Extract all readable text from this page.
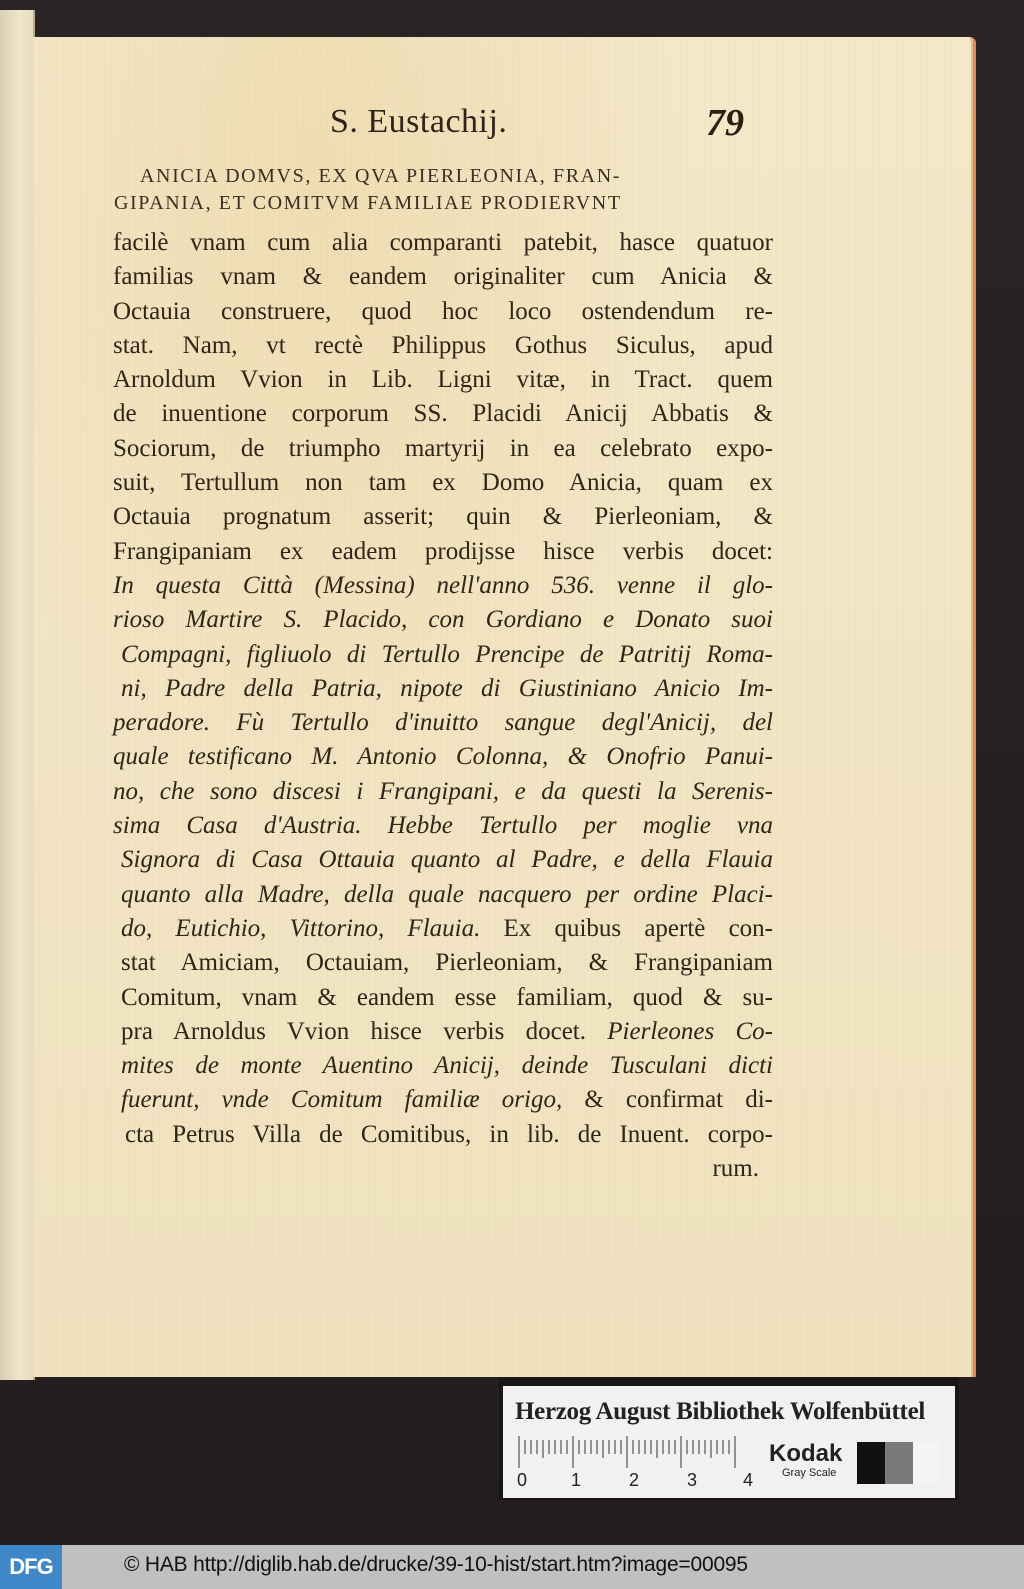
S. Eustachij.	79
ANICIA DOMVS, EX QVA PIERLEONIA, FRAN-
GIPANIA, ET COMITVM FAMILIAE PRODIERVNT
facilè vnam cum alia comparanti patebit, hasce quatuor
familias vnam & eandem originaliter cum Anicia &
Octauia construere, quod hoc loco ostendendum re-
stat. Nam, vt rectè Philippus Gothus Siculus, apud
Arnoldum Vvion in Lib. Ligni vitæ, in Tract. quem
de inuentione corporum SS. Placidi Anicij Abbatis &
Sociorum, de triumpho martyrij in ea celebrato expo-
suit, Tertullum non tam ex Domo Anicia, quam ex
Octauia prognatum asserit; quin & Pierleoniam, &
Frangipaniam ex eadem prodijsse hisce verbis docet:
In questa Città (Messina) nell'anno 536. venne il glo-
rioso Martire S. Placido, con Gordiano e Donato suoi
Compagni, figliuolo di Tertullo Prencipe de Patritij Roma-
ni, Padre della Patria, nipote di Giustiniano Anicio Im-
peradore. Fù Tertullo d'inuitto sangue degl'Anicij, del
quale testificano M. Antonio Colonna, & Onofrio Panui-
no, che sono discesi i Frangipani, e da questi la Serenis-
sima Casa d'Austria. Hebbe Tertullo per moglie vna
Signora di Casa Ottauia quanto al Padre, e della Flauia
quanto alla Madre, della quale nacquero per ordine Placi-
do, Eutichio, Vittorino, Flauia. Ex quibus apertè con-
stat Amiciam, Octauiam, Pierleoniam, & Frangipaniam
Comitum, vnam & eandem esse familiam, quod & su-
pra Arnoldus Vvion hisce verbis docet. Pierleones Co-
mites de monte Auentino Anicij, deinde Tusculani dicti
fuerunt, vnde Comitum familiæ origo, & confirmat di-
cta Petrus Villa de Comitibus, in lib. de Inuent. corpo-
rum.
Herzog August Bibliothek Wolfenbüttel
0 1	2	3	4
Kodak
Gray Scale
DFG	© HAB http://diglib.hab.de/drucke/39-10-hist/start.htm?image=00095
